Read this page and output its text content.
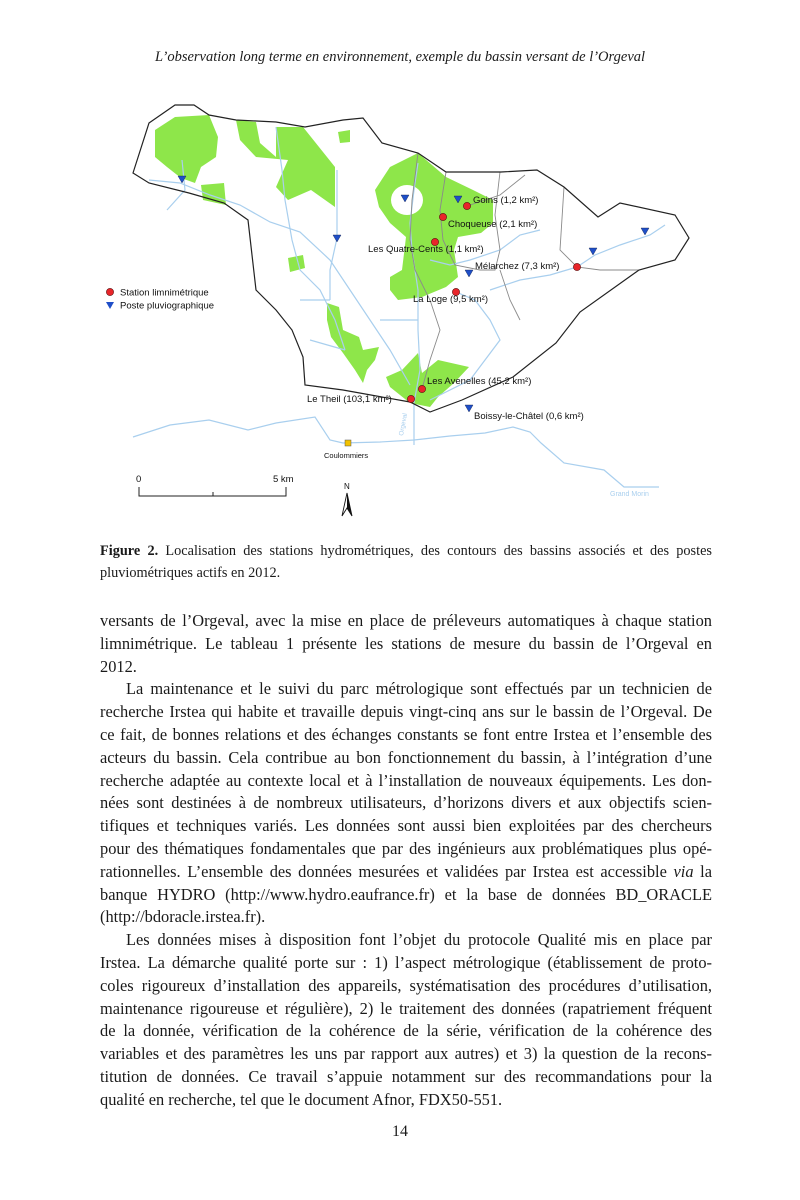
L’observation long terme en environnement, exemple du bassin versant de l’Orgeval
Goins (1,2 km²)
Choqueuse (2,1 km²)
Les Quatre-Cents (1,1 km²)
Mélarchez (7,3 km²)
La Loge (9,5 km²)
Les Avenelles (45,2 km²)
Le Theil (103,1 km²)
Boissy-le-Châtel (0,6 km²)
Station limnimétrique
Poste pluviographique
Coulommiers
Grand Morin
Orgeval
0	5 km
N
Figure 2. Localisation des stations hydrométriques, des contours des bassins associés et des postes
pluviométriques actifs en 2012.
versants de l’Orgeval, avec la mise en place de préleveurs automatiques à chaque station
limnimétrique. Le tableau 1 présente les stations de mesure du bassin de l’Orgeval en
2012.
La maintenance et le suivi du parc métrologique sont effectués par un technicien de
recherche Irstea qui habite et travaille depuis vingt-cinq ans sur le bassin de l’Orgeval. De
ce fait, de bonnes relations et des échanges constants se font entre Irstea et l’ensemble des
acteurs du bassin. Cela contribue au bon fonctionnement du bassin, à l’intégration d’une
recherche adaptée au contexte local et à l’installation de nouveaux équipements. Les don-
nées sont destinées à de nombreux utilisateurs, d’horizons divers et aux objectifs scien-
tifiques et techniques variés. Les données sont aussi bien exploitées par des chercheurs
pour des thématiques fondamentales que par des ingénieurs aux problématiques plus opé-
rationnelles. L’ensemble des données mesurées et validées par Irstea est accessible via la
banque HYDRO (http://www.hydro.eaufrance.fr) et la base de données BD_ORACLE
(http://bdoracle.irstea.fr).
Les données mises à disposition font l’objet du protocole Qualité mis en place par
Irstea. La démarche qualité porte sur : 1) l’aspect métrologique (établissement de proto-
coles rigoureux d’installation des appareils, systématisation des procédures d’utilisation,
maintenance rigoureuse et régulière), 2) le traitement des données (rapatriement fréquent
de la donnée, vérification de la cohérence de la série, vérification de la cohérence des
variables et des paramètres les uns par rapport aux autres) et 3) la question de la recons-
titution de données. Ce travail s’appuie notamment sur des recommandations pour la
qualité en recherche, tel que le document Afnor, FDX50-551.
14
